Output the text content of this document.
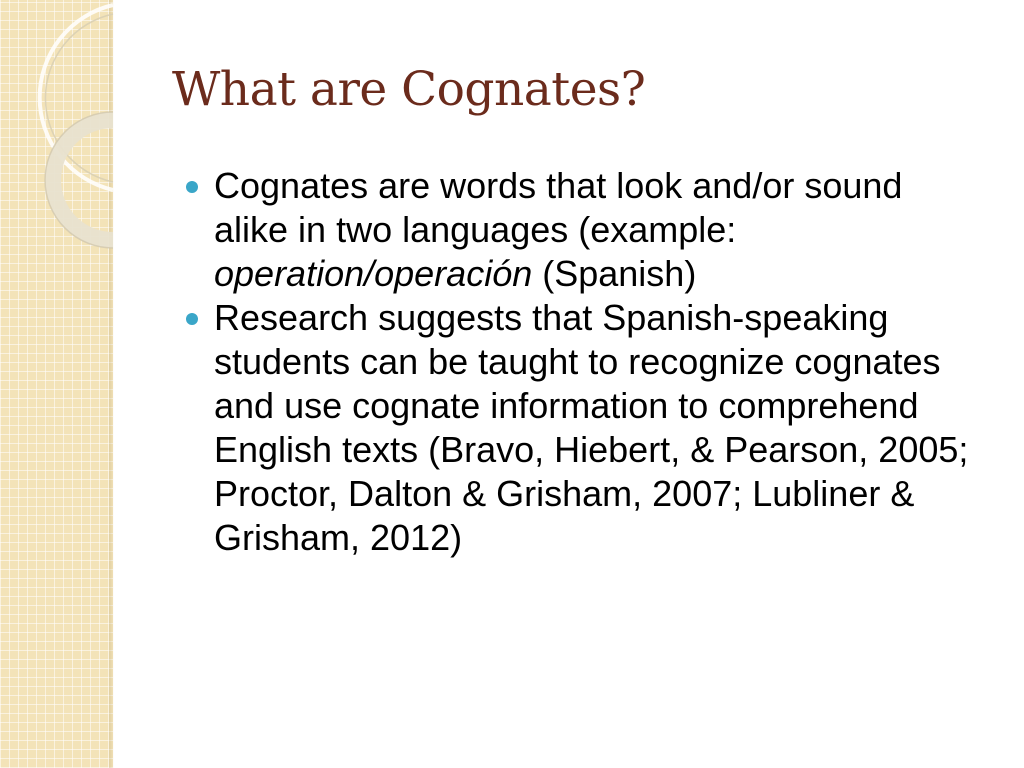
What are Cognates?
Cognates are words that look and/or sound alike in two languages (example: operation/operación (Spanish)
Research suggests that Spanish-speaking students can be taught to recognize cognates and use cognate information to comprehend English texts (Bravo, Hiebert, & Pearson, 2005; Proctor, Dalton & Grisham, 2007; Lubliner & Grisham, 2012)
